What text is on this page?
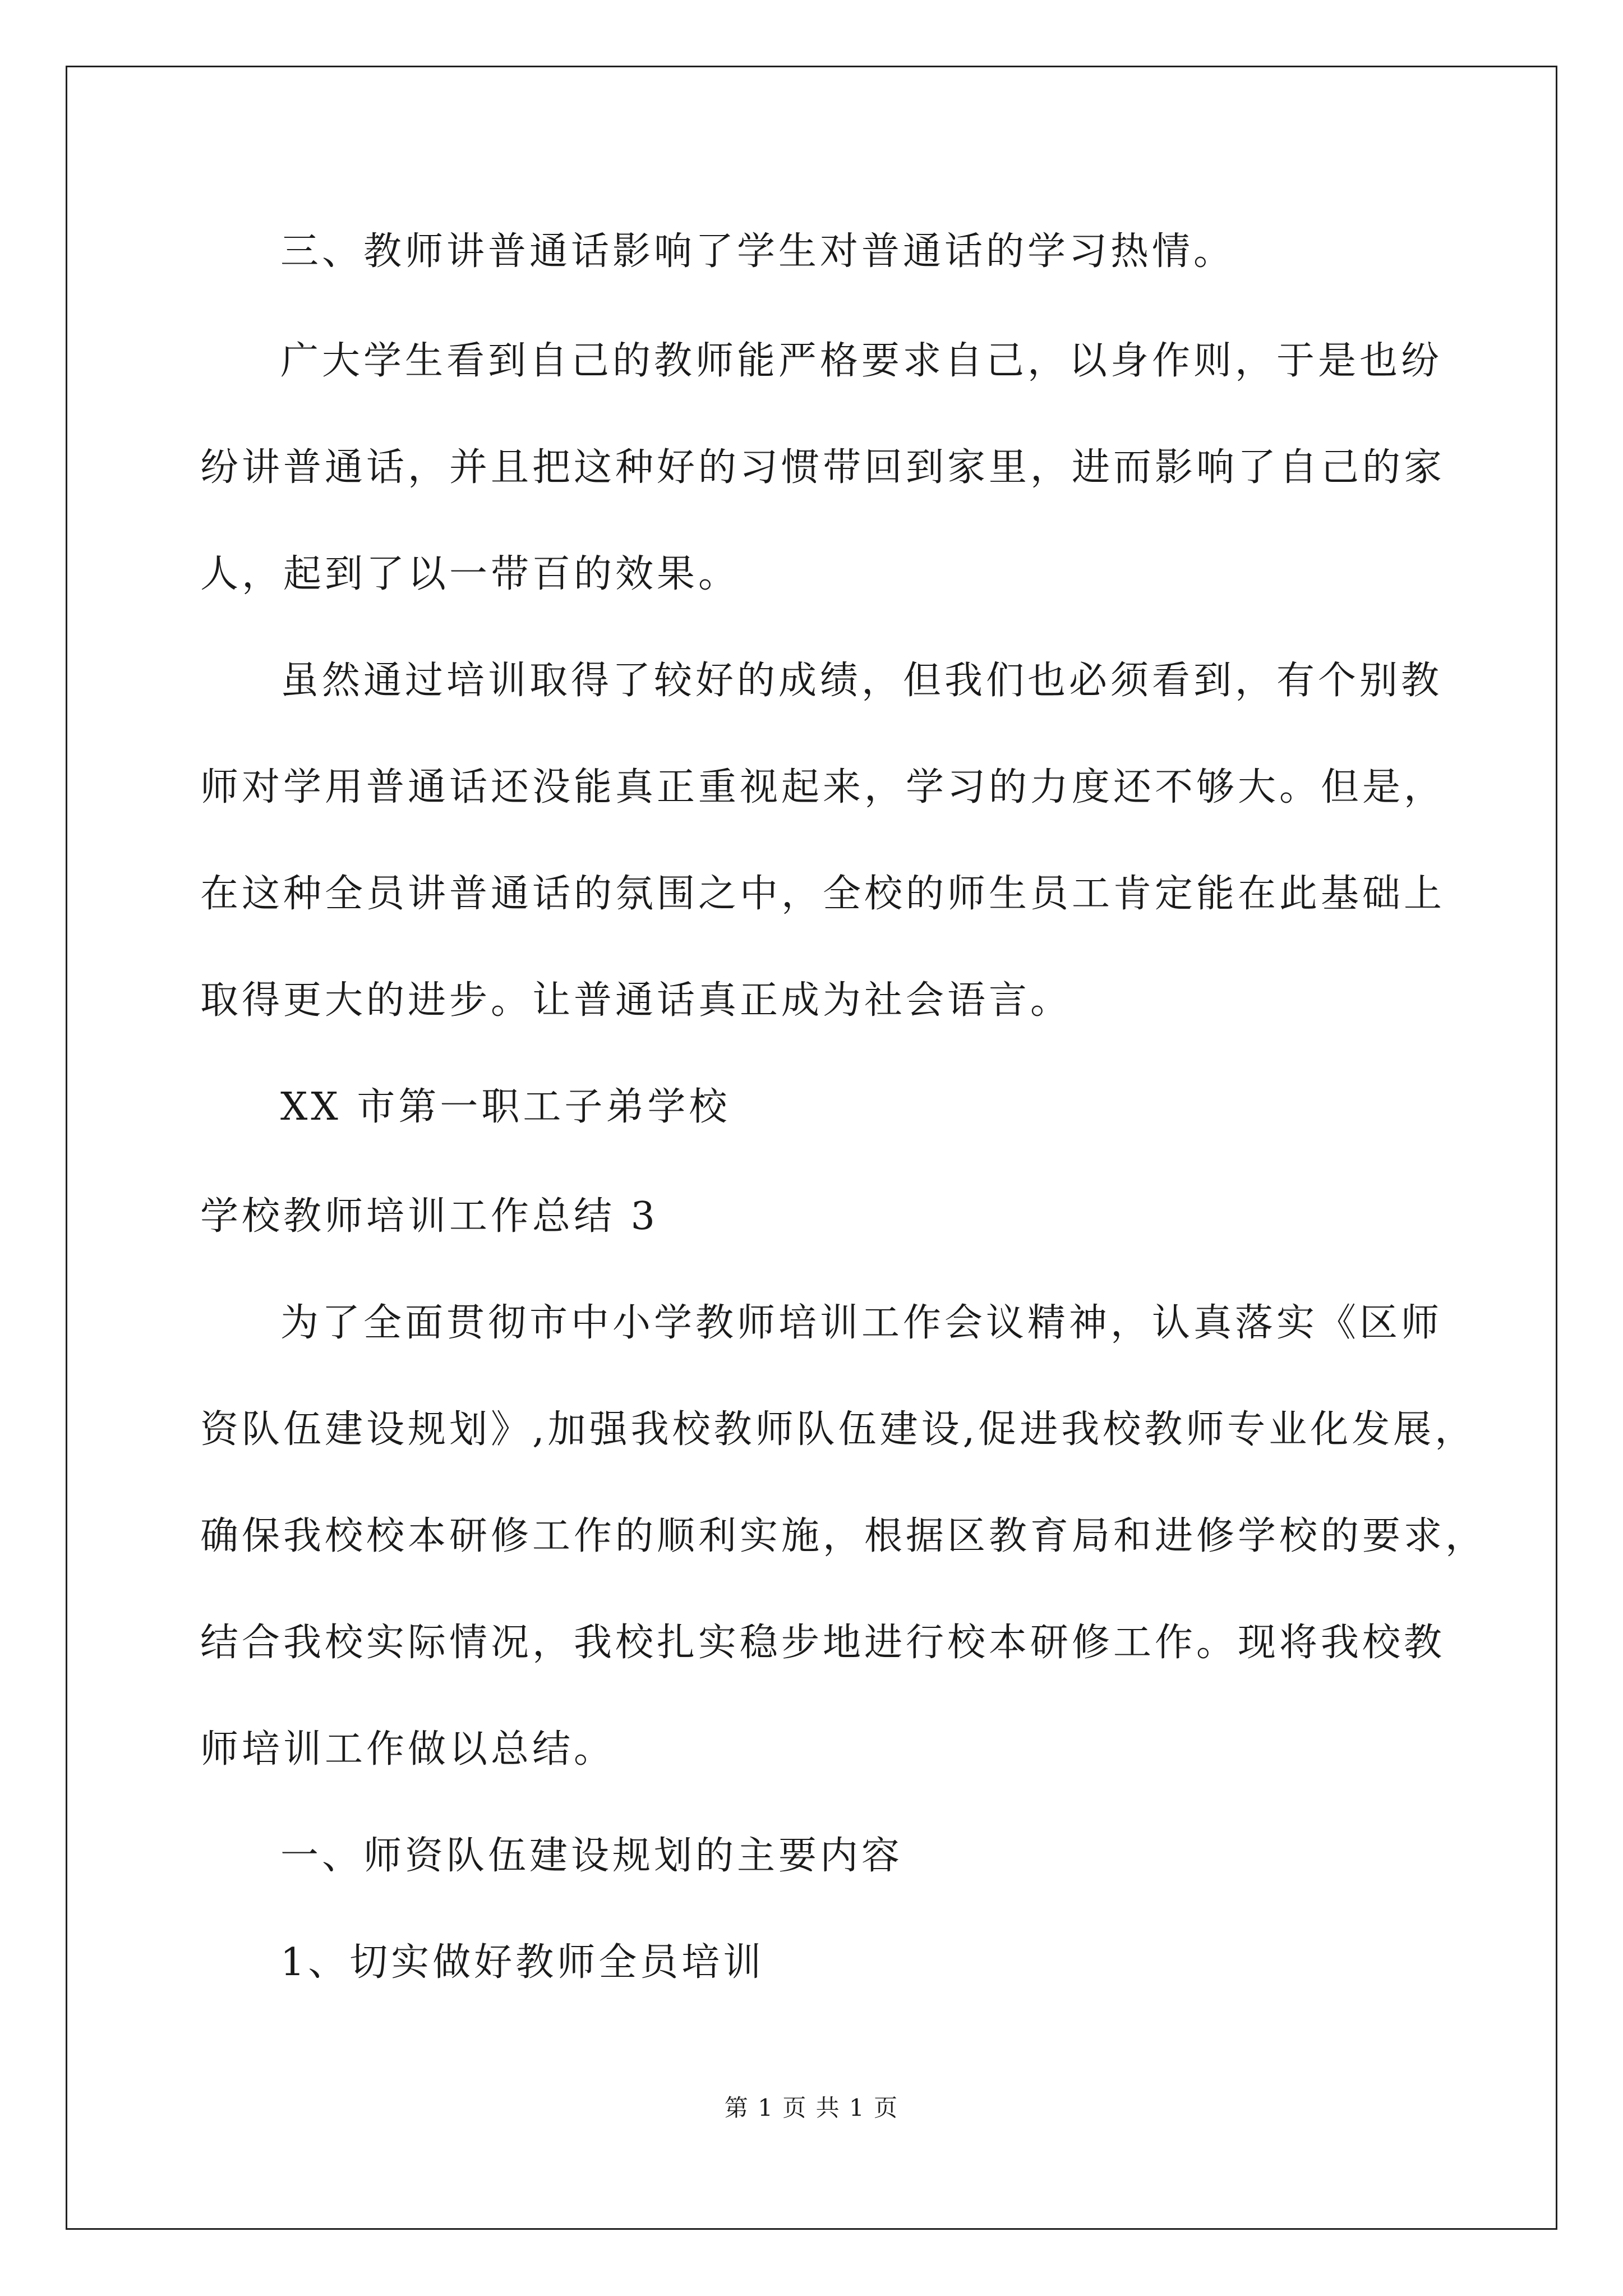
三、教师讲普通话影响了学生对普通话的学习热情。
广大学生看到自己的教师能严格要求自己，以身作则，于是也纷
纷讲普通话，并且把这种好的习惯带回到家里，进而影响了自己的家
人，起到了以一带百的效果。
虽然通过培训取得了较好的成绩，但我们也必须看到，有个别教
师对学用普通话还没能真正重视起来，学习的力度还不够大。但是，
在这种全员讲普通话的氛围之中，全校的师生员工肯定能在此基础上
取得更大的进步。让普通话真正成为社会语言。
XX 市第一职工子弟学校
学校教师培训工作总结 3
为了全面贯彻市中小学教师培训工作会议精神，认真落实《区师
资队伍建设规划》,加强我校教师队伍建设,促进我校教师专业化发展，
确保我校校本研修工作的顺利实施，根据区教育局和进修学校的要求，
结合我校实际情况，我校扎实稳步地进行校本研修工作。现将我校教
师培训工作做以总结。
一、师资队伍建设规划的主要内容
1、切实做好教师全员培训
第 1 页 共 1 页
